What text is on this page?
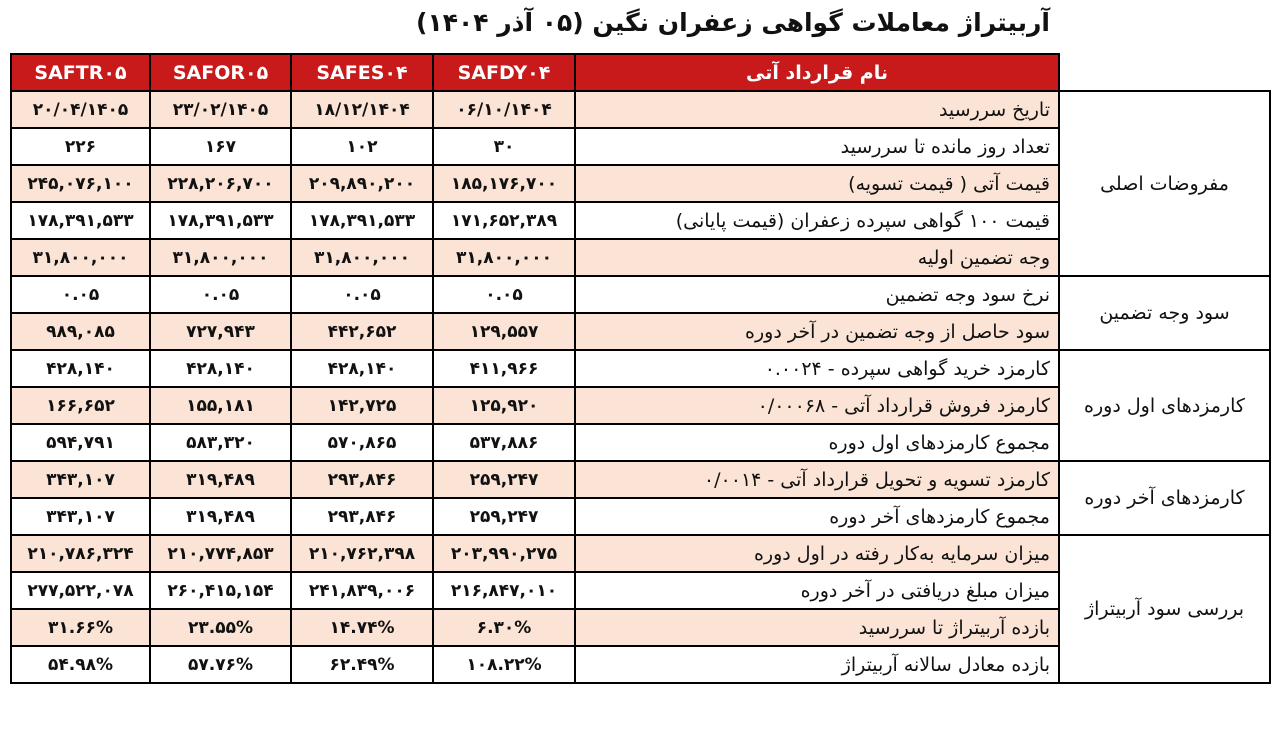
آربیتراژ معاملات گواهی زعفران نگین (۰۵ آذر ۱۴۰۴)
SAFTR۰۵	SAFOR۰۵	SAFES۰۴	SAFDY۰۴	نام قرارداد آتی	
۲۰/۰۴/۱۴۰۵	۲۳/۰۲/۱۴۰۵	۱۸/۱۲/۱۴۰۴	۰۶/۱۰/۱۴۰۴	تاریخ سررسید	مفروضات اصلی
۲۲۶	۱۶۷	۱۰۲	۳۰	تعداد روز مانده تا سررسید	
۲۴۵,۰۷۶,۱۰۰	۲۲۸,۲۰۶,۷۰۰	۲۰۹,۸۹۰,۲۰۰	۱۸۵,۱۷۶,۷۰۰	قیمت آتی ( قیمت تسویه)	
۱۷۸,۳۹۱,۵۳۳	۱۷۸,۳۹۱,۵۳۳	۱۷۸,۳۹۱,۵۳۳	۱۷۱,۶۵۲,۳۸۹	قیمت ۱۰۰ گواهی سپرده زعفران (قیمت پایانی)	
۳۱,۸۰۰,۰۰۰	۳۱,۸۰۰,۰۰۰	۳۱,۸۰۰,۰۰۰	۳۱,۸۰۰,۰۰۰	وجه تضمین اولیه	
۰.۰۵	۰.۰۵	۰.۰۵	۰.۰۵	نرخ سود وجه تضمین	سود وجه تضمین
۹۸۹,۰۸۵	۷۲۷,۹۴۳	۴۴۲,۶۵۲	۱۲۹,۵۵۷	سود حاصل از وجه تضمین در آخر دوره	
۴۲۸,۱۴۰	۴۲۸,۱۴۰	۴۲۸,۱۴۰	۴۱۱,۹۶۶	کارمزد خرید گواهی سپرده - ۰.۰۰۲۴	کارمزدهای اول دوره
۱۶۶,۶۵۲	۱۵۵,۱۸۱	۱۴۲,۷۲۵	۱۲۵,۹۲۰	کارمزد فروش قرارداد آتی - ۰/۰۰۰۶۸	
۵۹۴,۷۹۱	۵۸۳,۳۲۰	۵۷۰,۸۶۵	۵۳۷,۸۸۶	مجموع کارمزدهای اول دوره	
۳۴۳,۱۰۷	۳۱۹,۴۸۹	۲۹۳,۸۴۶	۲۵۹,۲۴۷	کارمزد تسویه و تحویل قرارداد آتی - ۰/۰۰۱۴	کارمزدهای آخر دوره
۳۴۳,۱۰۷	۳۱۹,۴۸۹	۲۹۳,۸۴۶	۲۵۹,۲۴۷	مجموع کارمزدهای آخر دوره	
۲۱۰,۷۸۶,۳۲۴	۲۱۰,۷۷۴,۸۵۳	۲۱۰,۷۶۲,۳۹۸	۲۰۳,۹۹۰,۲۷۵	میزان سرمایه به‌کار رفته در اول دوره	بررسی سود آربیتراژ
۲۷۷,۵۲۲,۰۷۸	۲۶۰,۴۱۵,۱۵۴	۲۴۱,۸۳۹,۰۰۶	۲۱۶,۸۴۷,۰۱۰	میزان مبلغ دریافتی در آخر دوره	
۳۱.۶۶%	۲۳.۵۵%	۱۴.۷۴%	۶.۳۰%	بازده آربیتراژ تا سررسید	
۵۴.۹۸%	۵۷.۷۶%	۶۲.۴۹%	۱۰۸.۲۲%	بازده معادل سالانه آربیتراژ	
